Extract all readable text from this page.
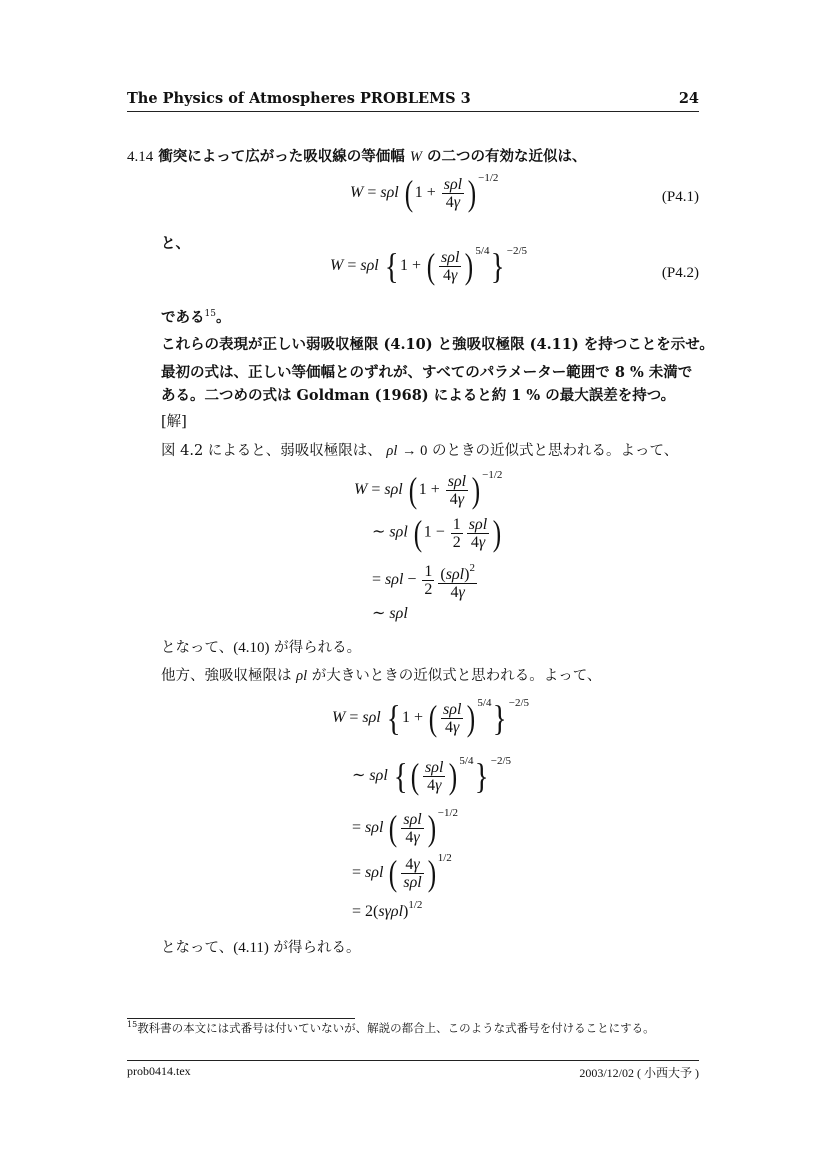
The Physics of Atmospheres PROBLEMS 3	24
4.14 衝突によって広がった吸収線の等価幅 W の二つの有効な近似は、
W = sρl ( $1 + \frac{\text{sρl}}{4\gamma}$ ) $^{-1/2}$
(P4.1)
と、
W = sρl { 1 + ( $\frac{\text{sρl}}{4\gamma}$ ) $^{5/4}$} $^{-2/5}$
(P4.2)
である$^{15}$。
これらの表現が正しい弱吸収極限 (4.10) と強吸収極限 (4.11) を持つことを示せ。
最初の式は、正しい等価幅とのずれが、すべてのパラメーター範囲で 8 % 未満で
ある。二つめの式は Goldman (1968) によると約 1 % の最大誤差を持つ。
[解]
図 4.2 によると、弱吸収極限は、 ρl → 0 のときの近似式と思われる。よって、
W = sρl ( $1 + \frac{\text{sρl}}{4\gamma}$ ) $^{-1/2}$
∼ sρl ( $1 - \frac{1}{2} \frac{\text{sρl}}{4\gamma}$ )
= $s\rho l - \frac{1}{2} \frac{(s\rho l)^2}{4\gamma}$
∼ sρl
となって、(4.10) が得られる。
他方、強吸収極限は ρl が大きいときの近似式と思われる。よって、
W = sρl { 1 + ( $\frac{\text{sρl}}{4\gamma}$ ) $^{5/4}$} $^{-2/5}$
∼ sρl {( $\frac{\text{sρl}}{4\gamma}$ ) $^{5/4}$} $^{-2/5}$
= sρl ( $\frac{\text{sρl}}{4\gamma}$ ) $^{-1/2}$
= sρl ( $\frac{4\gamma}{\text{sρl}}$ ) $^{1/2}$
= $2(s\gamma\rho l)^{1/2}$
となって、(4.11) が得られる。
$^{15}$教科書の本文には式番号は付いていないが、解説の都合上、このような式番号を付けることにする。
prob0414.tex	2003/12/02 ( 小西大予 )
